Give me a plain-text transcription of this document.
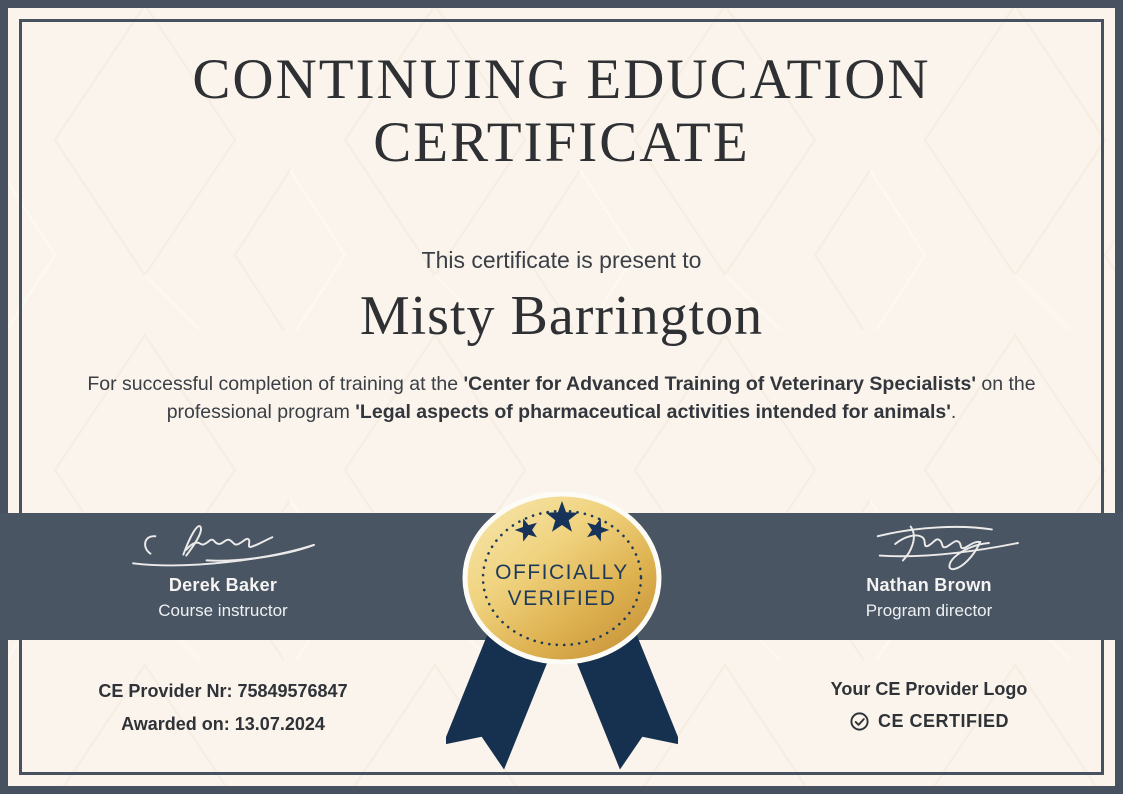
CONTINUING EDUCATION
CERTIFICATE
This certificate is present to
Misty Barrington
For successful completion of training at the 'Center for Advanced Training of Veterinary Specialists' on the professional program 'Legal aspects of pharmaceutical activities intended for animals'.
Derek Baker
Course instructor
Nathan Brown
Program director
OFFICIALLY
VERIFIED
CE Provider Nr: 75849576847
Awarded on: 13.07.2024
Your CE Provider Logo
CE CERTIFIED
